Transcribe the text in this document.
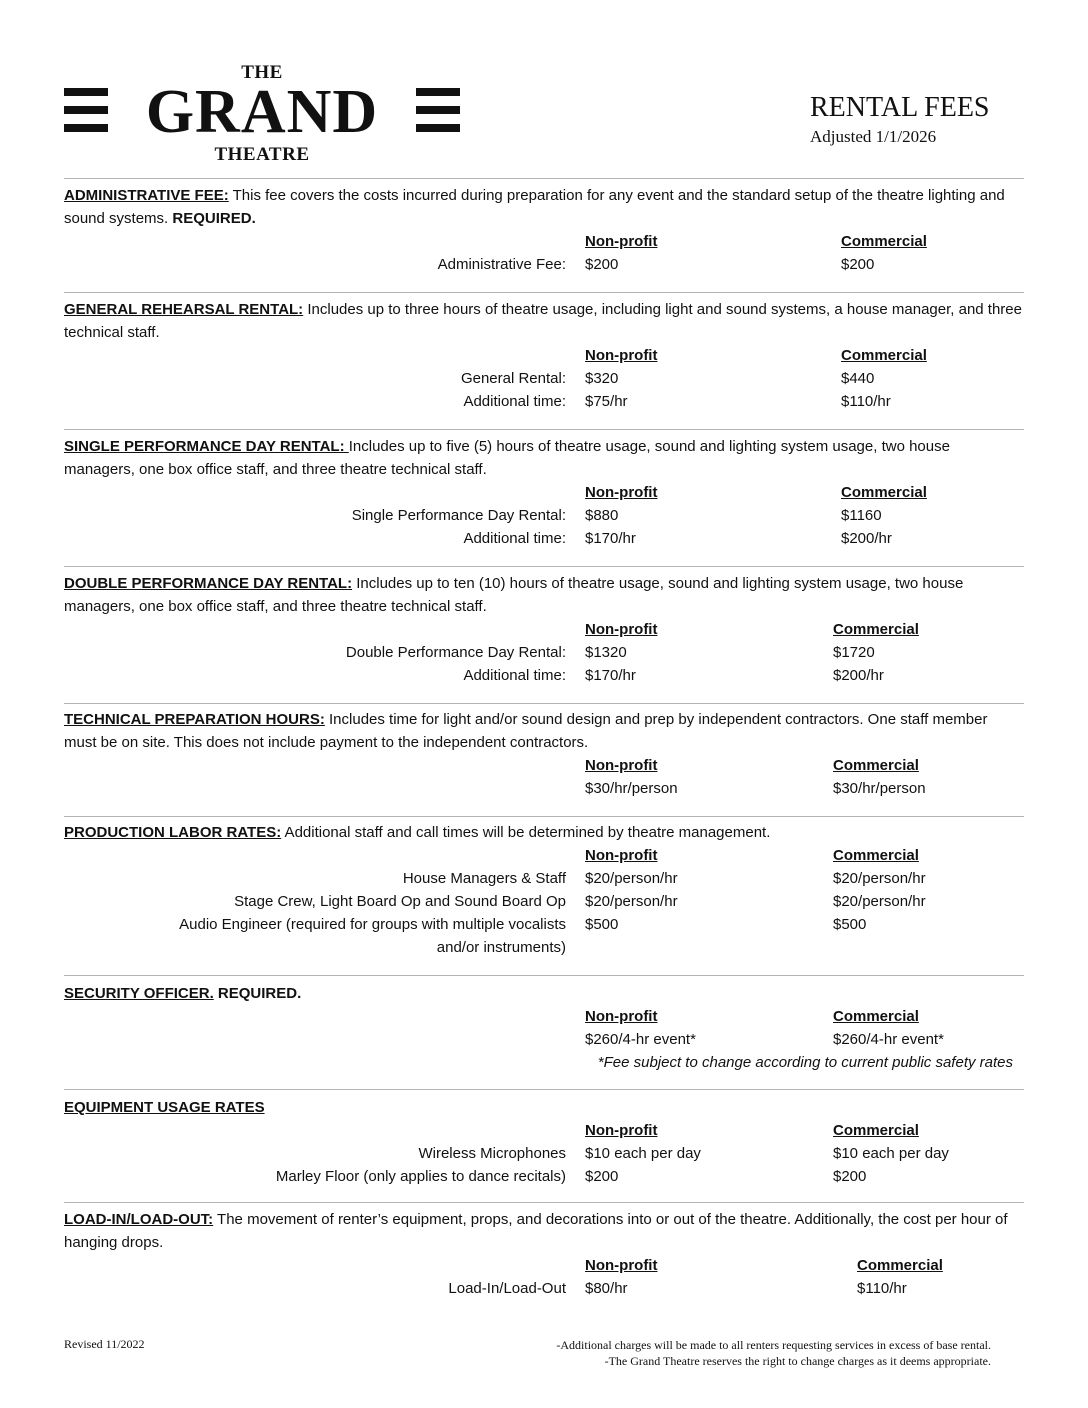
THE
GRAND
THEATRE
RENTAL FEES
Adjusted 1/1/2026
ADMINISTRATIVE FEE: This fee covers the costs incurred during preparation for any event and the standard setup of the theatre lighting and sound systems. REQUIRED.
Non-profit	Commercial
Administrative Fee: $200	$200
GENERAL REHEARSAL RENTAL: Includes up to three hours of theatre usage, including light and sound systems, a house manager, and three technical staff.
Non-profit	Commercial
General Rental: $320	$440
Additional time: $75/hr	$110/hr
SINGLE PERFORMANCE DAY RENTAL: Includes up to five (5) hours of theatre usage, sound and lighting system usage, two house managers, one box office staff, and three theatre technical staff.
Non-profit	Commercial
Single Performance Day Rental: $880	$1160
Additional time: $170/hr	$200/hr
DOUBLE PERFORMANCE DAY RENTAL: Includes up to ten (10) hours of theatre usage, sound and lighting system usage, two house managers, one box office staff, and three theatre technical staff.
Non-profit	Commercial
Double Performance Day Rental: $1320	$1720
Additional time: $170/hr	$200/hr
TECHNICAL PREPARATION HOURS: Includes time for light and/or sound design and prep by independent contractors. One staff member must be on site. This does not include payment to the independent contractors.
Non-profit	Commercial
$30/hr/person	$30/hr/person
PRODUCTION LABOR RATES: Additional staff and call times will be determined by theatre management.
Non-profit	Commercial
House Managers & Staff $20/person/hr	$20/person/hr
Stage Crew, Light Board Op and Sound Board Op $20/person/hr	$20/person/hr
Audio Engineer (required for groups with multiple vocalists and/or instruments)
$500	$500
SECURITY OFFICER. REQUIRED.
Non-profit	Commercial
$260/4-hr event*	$260/4-hr event*
*Fee subject to change according to current public safety rates
EQUIPMENT USAGE RATES
Non-profit	Commercial
Wireless Microphones $10 each per day	$10 each per day
Marley Floor (only applies to dance recitals) $200	$200
LOAD-IN/LOAD-OUT: The movement of renter’s equipment, props, and decorations into or out of the theatre. Additionally, the cost per hour of hanging drops.
Non-profit	Commercial
Load-In/Load-Out $80/hr	$110/hr
Revised 11/2022	-Additional charges will be made to all renters requesting services in excess of base rental.
-The Grand Theatre reserves the right to change charges as it deems appropriate.
